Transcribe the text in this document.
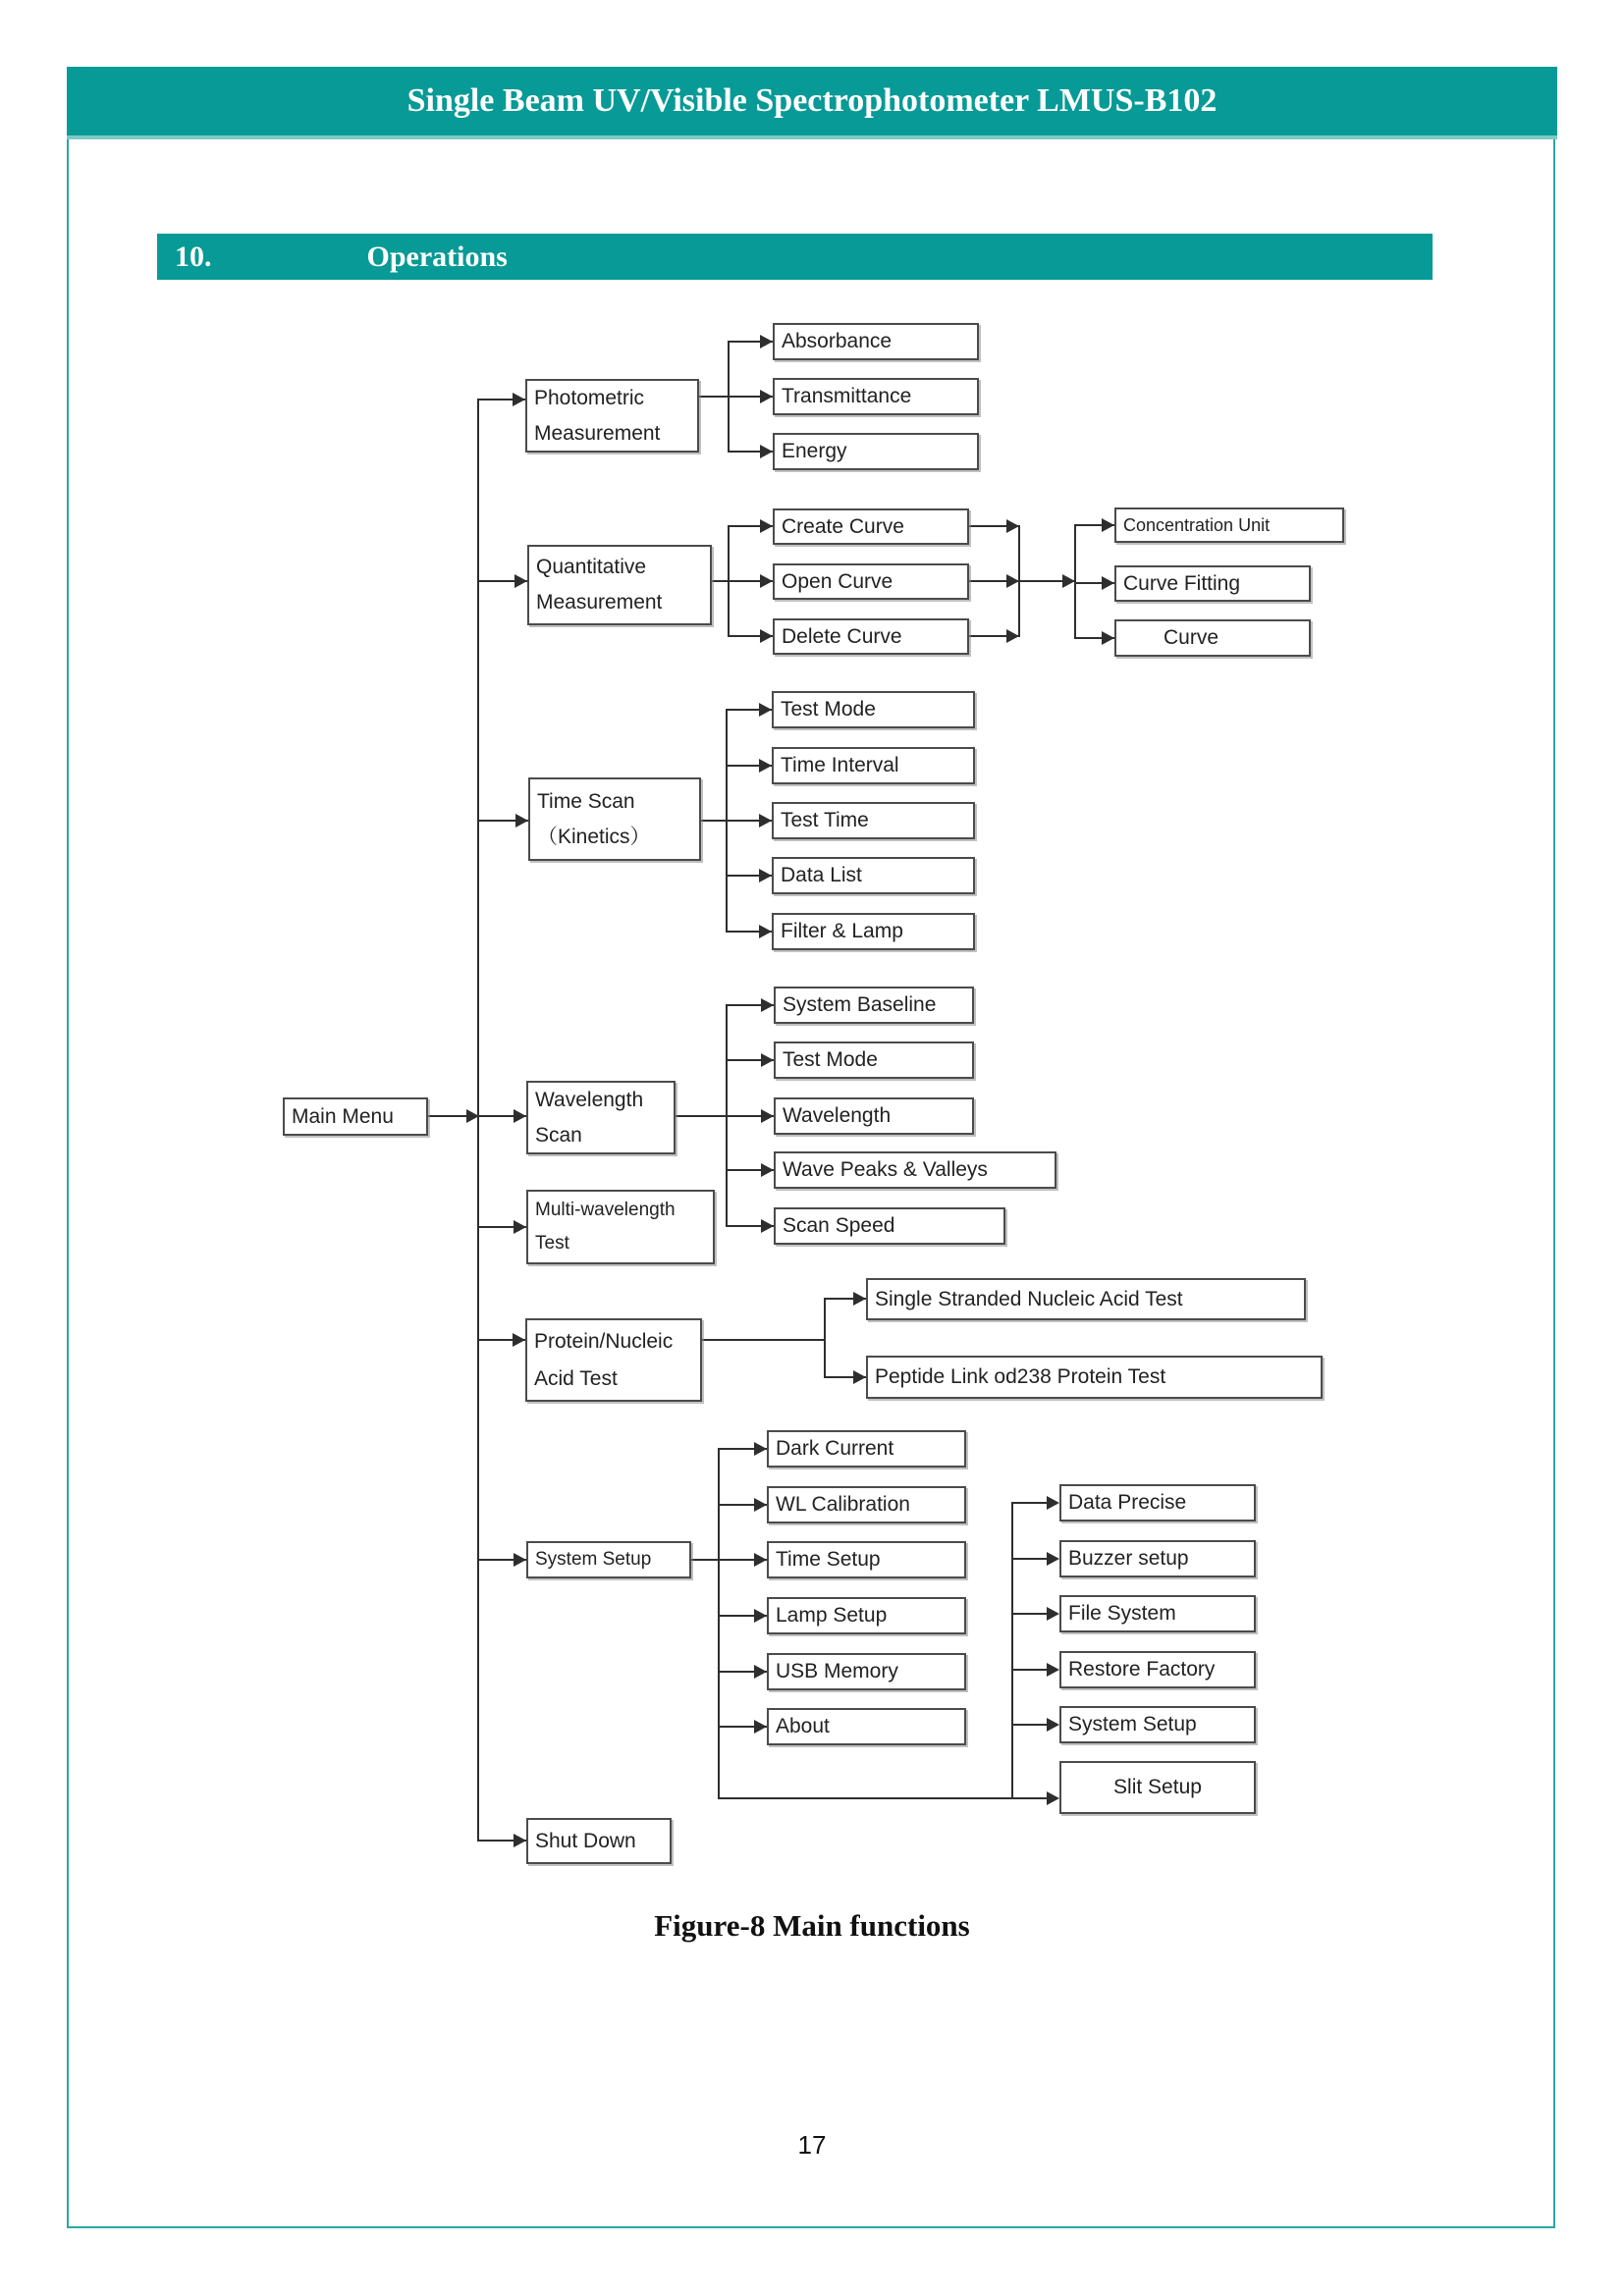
Single Beam UV/Visible Spectrophotometer LMUS-B102
10.	Operations
Main Menu
Photometric
Measurement
Absorbance
Transmittance
Energy
Quantitative
Measurement
Create Curve
Open Curve
Delete Curve
Concentration Unit
Curve Fitting
Curve
Time Scan
（Kinetics）
Test Mode
Time Interval
Test Time
Data List
Filter & Lamp
Wavelength
Scan
System Baseline
Test Mode
Wavelength
Wave Peaks & Valleys
Scan Speed
Multi-wavelength
Test
Protein/Nucleic
Acid Test
Single Stranded Nucleic Acid Test
Peptide Link od238 Protein Test
System Setup
Dark Current
WL Calibration
Time Setup
Lamp Setup
USB Memory
About
Data Precise
Buzzer setup
File System
Restore Factory
System Setup
Slit Setup
Shut Down
Figure-8 Main functions
17
